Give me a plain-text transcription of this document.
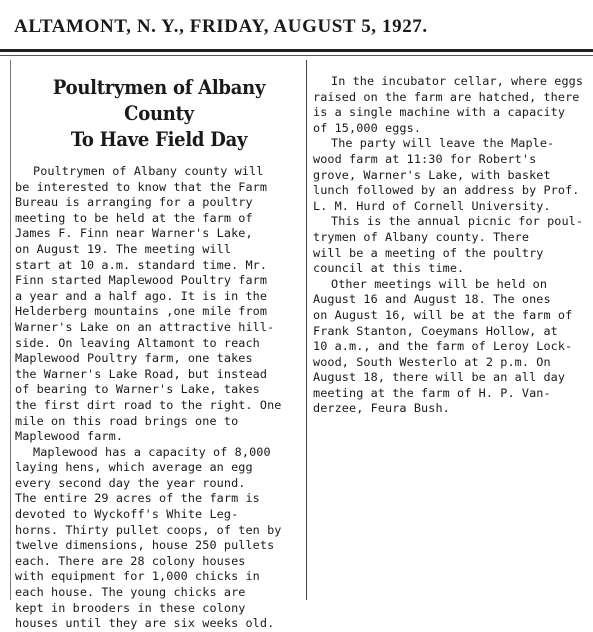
ALTAMONT, N. Y., FRIDAY, AUGUST 5, 1927.
Poultrymen of Albany County
To Have Field Day
Poultrymen of Albany county will
be interested to know that the Farm
Bureau is arranging for a poultry
meeting to be held at the farm of
James F. Finn near Warner's Lake,
on August 19. The meeting will
start at 10 a.m. standard time. Mr.
Finn started Maplewood Poultry farm
a year and a half ago. It is in the
Helderberg mountains ,one mile from
Warner's Lake on an attractive hill-
side. On leaving Altamont to reach
Maplewood Poultry farm, one takes
the Warner's Lake Road, but instead
of bearing to Warner's Lake, takes
the first dirt road to the right. One
mile on this road brings one to
Maplewood farm.
Maplewood has a capacity of 8,000
laying hens, which average an egg
every second day the year round.
The entire 29 acres of the farm is
devoted to Wyckoff's White Leg-
horns. Thirty pullet coops, of ten by
twelve dimensions, house 250 pullets
each. There are 28 colony houses
with equipment for 1,000 chicks in
each house. The young chicks are
kept in brooders in these colony
houses until they are six weeks old.
In the incubator cellar, where eggs
raised on the farm are hatched, there
is a single machine with a capacity
of 15,000 eggs.
The party will leave the Maple-
wood farm at 11:30 for Robert's
grove, Warner's Lake, with basket
lunch followed by an address by Prof.
L. M. Hurd of Cornell University.
This is the annual picnic for poul-
trymen of Albany county. There
will be a meeting of the poultry
council at this time.
Other meetings will be held on
August 16 and August 18. The ones
on August 16, will be at the farm of
Frank Stanton, Coeymans Hollow, at
10 a.m., and the farm of Leroy Lock-
wood, South Westerlo at 2 p.m. On
August 18, there will be an all day
meeting at the farm of H. P. Van-
derzee, Feura Bush.
